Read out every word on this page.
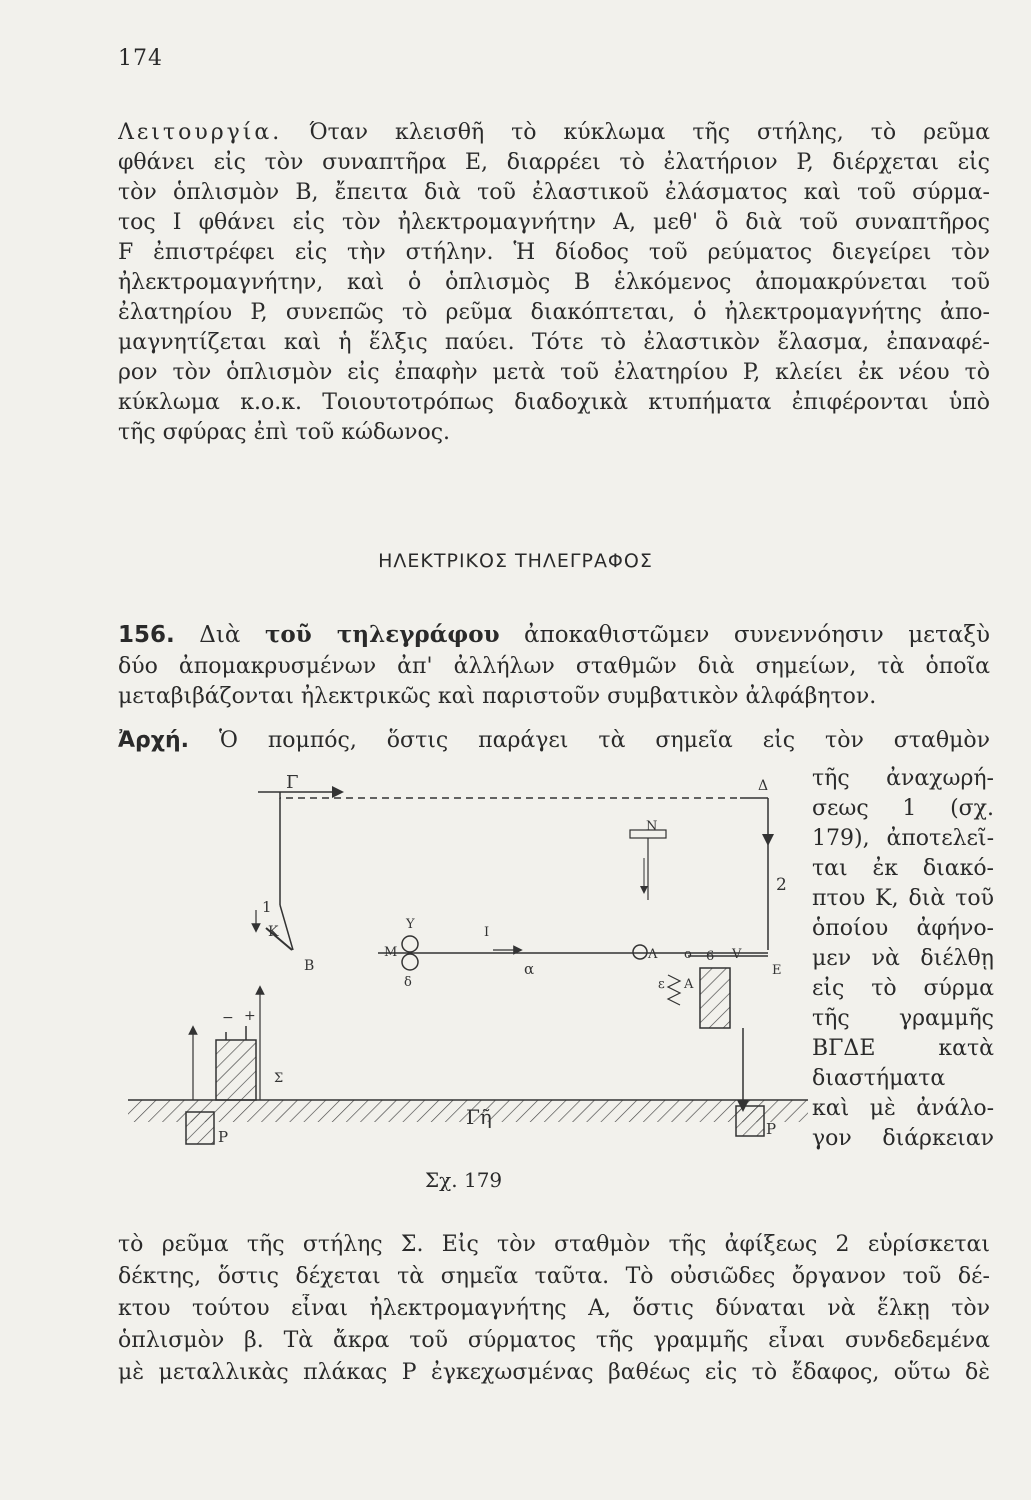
174
Λειτουργία. Όταν κλεισθῆ τὸ κύκλωμα τῆς στήλης, τὸ ρεῦμα
φθάνει εἰς τὸν συναπτῆρα E, διαρρέει τὸ ἐλατήριον P, διέρχεται εἰς
τὸν ὁπλισμὸν B, ἔπειτα διὰ τοῦ ἐλαστικοῦ ἐλάσματος καὶ τοῦ σύρμα-
τος I φθάνει εἰς τὸν ἠλεκτρομαγνήτην A, μεθ' ὃ διὰ τοῦ συναπτῆρος
F ἐπιστρέφει εἰς τὴν στήλην. Ἡ δίοδος τοῦ ρεύματος διεγείρει τὸν
ἠλεκτρομαγνήτην, καὶ ὁ ὁπλισμὸς B ἑλκόμενος ἀπομακρύνεται τοῦ
ἐλατηρίου P, συνεπῶς τὸ ρεῦμα διακόπτεται, ὁ ἠλεκτρομαγνήτης ἀπο-
μαγνητίζεται καὶ ἡ ἕλξις παύει. Τότε τὸ ἐλαστικὸν ἔλασμα, ἐπαναφέ-
ρον τὸν ὁπλισμὸν εἰς ἐπαφὴν μετὰ τοῦ ἐλατηρίου P, κλείει ἐκ νέου τὸ
κύκλωμα κ.ο.κ. Τοιουτοτρόπως διαδοχικὰ κτυπήματα ἐπιφέρονται ὑπὸ
τῆς σφύρας ἐπὶ τοῦ κώδωνος.
ΗΛΕΚΤΡΙΚΟΣ ΤΗΛΕΓΡΑΦΟΣ
156. Διὰ τοῦ τηλεγράφου ἀποκαθιστῶμεν συνεννόησιν μεταξὺ
δύο ἀπομακρυσμένων ἀπ' ἀλλήλων σταθμῶν διὰ σημείων, τὰ ὁποῖα
μεταβιβάζονται ἠλεκτρικῶς καὶ παριστοῦν συμβατικὸν ἀλφάβητον.
Ἀρχή. Ὁ πομπός, ὅστις παράγει τὰ σημεῖα εἰς τὸν σταθμὸν
τῆς ἀναχωρή-
σεως 1 (σχ.
179), ἀποτελεῖ-
ται ἐκ διακό-
πτου K, διὰ τοῦ
ὁποίου ἀφήνο-
μεν νὰ διέλθῃ
εἰς τὸ σύρμα
τῆς γραμμῆς
ΒΓΔΕ κατὰ
διαστήματα
καὶ μὲ ἀνάλο-
γον διάρκειαν
Γ	Δ
N
1
2
K
B
M
Y
I
Λ o 6 V
E
δ
α
ε A
Σ
− +
Γῆ
P	P
Σχ. 179
τὸ ρεῦμα τῆς στήλης Σ. Εἰς τὸν σταθμὸν τῆς ἀφίξεως 2 εὑρίσκεται
δέκτης, ὅστις δέχεται τὰ σημεῖα ταῦτα. Τὸ οὐσιῶδες ὄργανον τοῦ δέ-
κτου τούτου εἶναι ἠλεκτρομαγνήτης A, ὅστις δύναται νὰ ἕλκῃ τὸν
ὁπλισμὸν β. Τὰ ἄκρα τοῦ σύρματος τῆς γραμμῆς εἶναι συνδεδεμένα
μὲ μεταλλικὰς πλάκας P ἐγκεχωσμένας βαθέως εἰς τὸ ἔδαφος, οὕτω δὲ
